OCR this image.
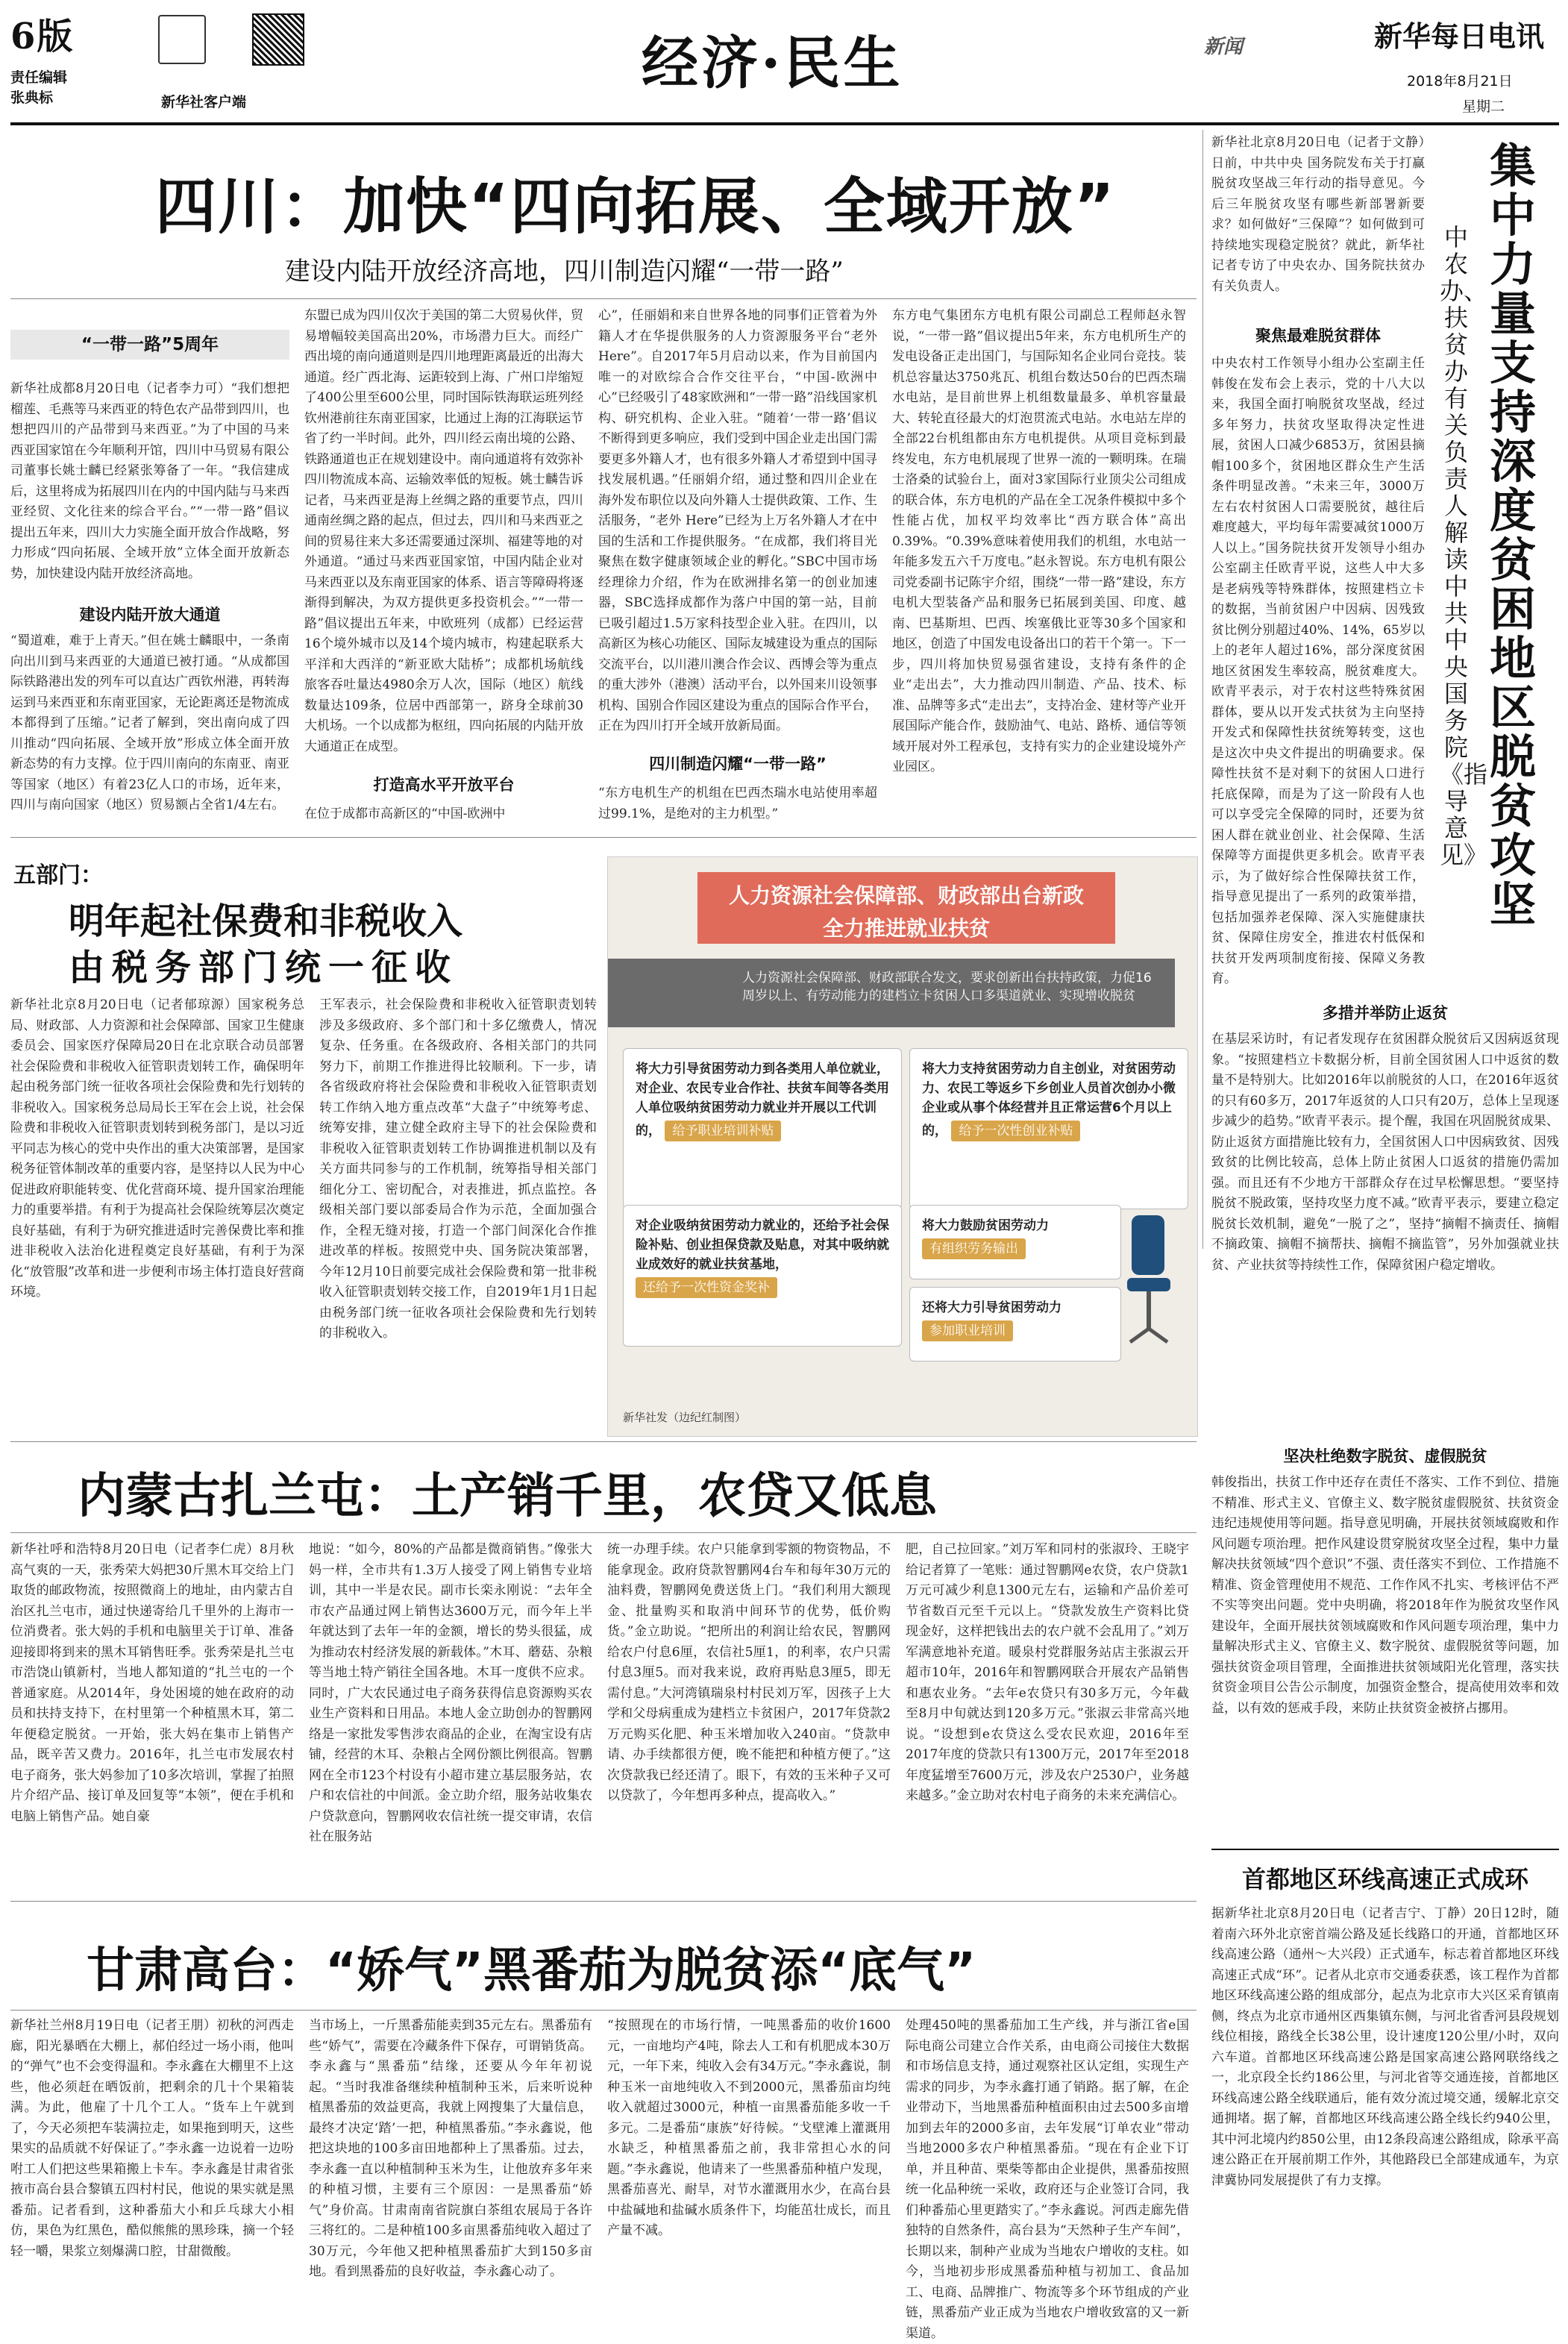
6版
责任编辑
张典标	新华社客户端
经济·民生	新闻	新华每日电讯
2018年8月21日
星期二
四川：加快“四向拓展、全域开放”
建设内陆开放经济高地，四川制造闪耀“一带一路”
“一带一路”5周年
新华社成都8月20日电（记者李力可）“我们想把榴莲、毛燕等马来西亚的特色农产品带到四川，也想把四川的产品带到马来西亚。”为了中国的马来西亚国家馆在今年顺利开馆，四川中马贸易有限公司董事长姚士麟已经紧张筹备了一年。“我信建成后，这里将成为拓展四川在内的中国内陆与马来西亚经贸、文化往来的综合平台。”“一带一路”倡议提出五年来，四川大力实施全面开放合作战略，努力形成“四向拓展、全域开放”立体全面开放新态势，加快建设内陆开放经济高地。
建设内陆开放大通道
“蜀道难，难于上青天。”但在姚士麟眼中，一条南向出川到马来西亚的大通道已被打通。“从成都国际铁路港出发的列车可以直达广西钦州港，再转海运到马来西亚和东南亚国家，无论距离还是物流成本都得到了压缩。”记者了解到，突出南向成了四川推动“四向拓展、全域开放”形成立体全面开放新态势的有力支撑。位于四川南向的东南亚、南亚等国家（地区）有着23亿人口的市场，近年来，四川与南向国家（地区）贸易额占全省1/4左右。
东盟已成为四川仅次于美国的第二大贸易伙伴，贸易增幅较美国高出20%，市场潜力巨大。而经广西出境的南向通道则是四川地理距离最近的出海大通道。经广西北海、运距较到上海、广州口岸缩短了400公里至600公里，同时国际铁海联运班列经钦州港前往东南亚国家，比通过上海的江海联运节省了约一半时间。此外，四川经云南出境的公路、铁路通道也正在规划建设中。南向通道将有效弥补四川物流成本高、运输效率低的短板。姚士麟告诉记者，马来西亚是海上丝绸之路的重要节点，四川通南丝绸之路的起点，但过去，四川和马来西亚之间的贸易往来大多还需要通过深圳、福建等地的对外通道。“通过马来西亚国家馆，中国内陆企业对马来西亚以及东南亚国家的体系、语言等障碍将逐渐得到解决，为双方提供更多投资机会。”“一带一路”倡议提出五年来，中欧班列（成都）已经运营16个境外城市以及14个境内城市，构建起联系大平洋和大西洋的“新亚欧大陆桥”；成都机场航线旅客吞吐量达4980余万人次，国际（地区）航线数量达109条，位居中西部第一，跻身全球前30大机场。一个以成都为枢纽，四向拓展的内陆开放大通道正在成型。
打造高水平开放平台
在位于成都市高新区的“中国-欧洲中
心”，任丽娟和来自世界各地的同事们正管着为外籍人才在华提供服务的人力资源服务平台“老外 Here”。自2017年5月启动以来，作为目前国内唯一的对欧综合合作交往平台，“中国-欧洲中心”已经吸引了48家欧洲和“一带一路”沿线国家机构、研究机构、企业入驻。“随着‘一带一路’倡议不断得到更多响应，我们受到中国企业走出国门需要更多外籍人才，也有很多外籍人才希望到中国寻找发展机遇。”任丽娟介绍，通过整和四川企业在海外发布职位以及向外籍人士提供政策、工作、生活服务，“老外 Here”已经为上万名外籍人才在中国的生活和工作提供服务。“在成都，我们将目光聚焦在数字健康领域企业的孵化。”SBC中国市场经理徐力介绍，作为在欧洲排名第一的创业加速器，SBC选择成都作为落户中国的第一站，目前已吸引超过1.5万家科技型企业入驻。在四川，以高新区为核心功能区、国际友城建设为重点的国际交流平台，以川港川澳合作会议、西博会等为重点的重大涉外（港澳）活动平台，以外国来川设领事机构、国别合作园区建设为重点的国际合作平台，正在为四川打开全域开放新局面。
四川制造闪耀“一带一路”
“东方电机生产的机组在巴西杰瑞水电站使用率超过99.1%，是绝对的主力机型。”
东方电气集团东方电机有限公司副总工程师赵永智说，“一带一路”倡议提出5年来，东方电机所生产的发电设备正走出国门，与国际知名企业同台竞技。装机总容量达3750兆瓦、机组台数达50台的巴西杰瑞水电站，是目前世界上机组数量最多、单机容量最大、转轮直径最大的灯泡贯流式电站。水电站左岸的全部22台机组都由东方电机提供。从项目竞标到最终发电，东方电机展现了世界一流的一颗明珠。在瑞士洛桑的试验台上，面对3家国际行业顶尖公司组成的联合体，东方电机的产品在全工况条件模拟中多个性能占优，加权平均效率比“西方联合体”高出0.39%。“0.39%意味着使用我们的机组，水电站一年能多发五六千万度电。”赵永智说。东方电机有限公司党委副书记陈宇介绍，围绕“一带一路”建设，东方电机大型装备产品和服务已拓展到美国、印度、越南、巴基斯坦、巴西、埃塞俄比亚等30多个国家和地区，创造了中国发电设备出口的若干个第一。下一步，四川将加快贸易强省建设，支持有条件的企业“走出去”，大力推动四川制造、产品、技术、标准、品牌等多式“走出去”，支持冶金、建材等产业开展国际产能合作，鼓励油气、电站、路桥、通信等领域开展对外工程承包，支持有实力的企业建设境外产业园区。
五部门：
明年起社保费和非税收入
由税务部门统一征收
新华社北京8月20日电（记者郁琼源）国家税务总局、财政部、人力资源和社会保障部、国家卫生健康委员会、国家医疗保障局20日在北京联合动员部署社会保险费和非税收入征管职责划转工作，确保明年起由税务部门统一征收各项社会保险费和先行划转的非税收入。国家税务总局局长王军在会上说，社会保险费和非税收入征管职责划转到税务部门，是以习近平同志为核心的党中央作出的重大决策部署，是国家税务征管体制改革的重要内容，是坚持以人民为中心促进政府职能转变、优化营商环境、提升国家治理能力的重要举措。有利于为提高社会保险统筹层次奠定良好基础，有利于为研究推进适时完善保费比率和推进非税收入法治化进程奠定良好基础，有利于为深化“放管服”改革和进一步便利市场主体打造良好营商环境。
王军表示，社会保险费和非税收入征管职责划转涉及多级政府、多个部门和十多亿缴费人，情况复杂、任务重。在各级政府、各相关部门的共同努力下，前期工作推进得比较顺利。下一步，请各省级政府将社会保险费和非税收入征管职责划转工作纳入地方重点改革“大盘子”中统筹考虑、统筹安排，建立健全政府主导下的社会保险费和非税收入征管职责划转工作协调推进机制以及有关方面共同参与的工作机制，统筹指导相关部门细化分工、密切配合，对表推进，抓点监控。各级相关部门要以部委局合作为示范，全面加强合作，全程无缝对接，打造一个部门间深化合作推进改革的样板。按照党中央、国务院决策部署，今年12月10日前要完成社会保险费和第一批非税收入征管职责划转交接工作，自2019年1月1日起由税务部门统一征收各项社会保险费和先行划转的非税收入。
人力资源社会保障部、财政部出台新政
全力推进就业扶贫
人力资源社会保障部、财政部联合发文，要求创新出台扶持政策，力促16周岁以上、有劳动能力的建档立卡贫困人口多渠道就业、实现增收脱贫
将大力引导贫困劳动力到各类用人单位就业，对企业、农民专业合作社、扶贫车间等各类用人单位吸纳贫困劳动力就业并开展以工代训的， 给予职业培训补贴
将大力支持贫困劳动力自主创业，对贫困劳动力、农民工等返乡下乡创业人员首次创办小微企业或从事个体经营并且正常运营6个月以上的， 给予一次性创业补贴
对企业吸纳贫困劳动力就业的，还给予社会保险补贴、创业担保贷款及贴息，对其中吸纳就业成效好的就业扶贫基地， 还给予一次性资金奖补
将大力鼓励贫困劳动力
有组织劳务输出
还将大力引导贫困劳动力
参加职业培训
新华社发（边纪红制图）
内蒙古扎兰屯：土产销千里，农贷又低息
新华社呼和浩特8月20日电（记者李仁虎）8月秋高气爽的一天，张秀荣大妈把30斤黑木耳交给上门取货的邮政物流，按照微商上的地址，由内蒙古自治区扎兰屯市，通过快递寄给几千里外的上海市一位消费者。张大妈的手机和电脑里关于订单、准备迎接即将到来的黑木耳销售旺季。张秀荣是扎兰屯市浩饶山镇新村，当地人都知道的“扎兰屯的一个普通家庭。从2014年，身处困境的她在政府的动员和扶持支持下，在村里第一个种植黑木耳，第二年便稳定脱贫。一开始，张大妈在集市上销售产品，既辛苦又费力。2016年，扎兰屯市发展农村电子商务，张大妈参加了10多次培训，掌握了拍照片介绍产品、接订单及回复等“本领”，便在手机和电脑上销售产品。她自豪
地说：“如今，80%的产品都是微商销售。”像张大妈一样，全市共有1.3万人接受了网上销售专业培训，其中一半是农民。副市长栾永刚说：“去年全市农产品通过网上销售达3600万元，而今年上半年就达到了去年一年的金额，增长的势头很猛，成为推动农村经济发展的新载体。”木耳、蘑菇、杂粮等当地土特产销往全国各地。木耳一度供不应求。同时，广大农民通过电子商务获得信息资源购买农业生产资料和日用品。本地人金立助创办的智鹏网络是一家批发零售涉农商品的企业，在淘宝设有店铺，经营的木耳、杂粮占全网份额比例很高。智鹏网在全市123个村设有小超市建立基层服务站，农户和农信社的中间派。金立助介绍，服务站收集农户贷款意向，智鹏网收农信社统一提交审请，农信社在服务站
统一办理手续。农户只能拿到零额的物资物品，不能拿现金。政府贷款智鹏网4台车和每年30万元的油料费，智鹏网免费送货上门。“我们利用大额现金、批量购买和取消中间环节的优势，低价购货。”金立助说。“把所出的利润让给农民，智鹏网给农户付息6厘，农信社5厘1，的利率，农户只需付息3厘5。而对我来说，政府再贴息3厘5，即无需付息。”大河湾镇瑞泉村村民刘万军，因孩子上大学和父母病重成为建档立卡贫困户，2017年贷款2万元购买化肥、种玉米增加收入240亩。“贷款申请、办手续都很方便，晚不能把和种植方便了。”这次贷款我已经还清了。眼下，有效的玉米种子又可以贷款了，今年想再多种点，提高收入。”
肥，自己拉回家。”刘万军和同村的张淑玲、王晓宇给记者算了一笔账：通过智鹏网e农贷，农户贷款1万元可减少利息1300元左右，运输和产品价差可节省数百元至千元以上。“贷款发放生产资料比贷现金好，这样把钱出去的农户就不会乱用了。”刘万军满意地补充道。暖泉村党群服务站店主张淑云开超市10年，2016年和智鹏网联合开展农产品销售和惠农业务。“去年e农贷只有30多万元，今年截至8月中旬就达到120多万元。”张淑云非常高兴地说。“设想到e农贷这么受农民欢迎，2016年至2017年度的贷款只有1300万元，2017年至2018年度猛增至7600万元，涉及农户2530户，业务越来越多。”金立助对农村电子商务的未来充满信心。
甘肃高台：“娇气”黑番茄为脱贫添“底气”
新华社兰州8月19日电（记者王朋）初秋的河西走廊，阳光暴晒在大棚上，郝伯经过一场小雨，他叫的“弹气”也不会变得温和。李永鑫在大棚里不上这些，他必须赶在晒饭前，把剩余的几十个果箱装满。为此，他雇了十几个工人。“货车上午就到了，今天必须把车装满拉走，如果拖到明天，这些果实的品质就不好保证了。”李永鑫一边说着一边吩咐工人们把这些果箱搬上卡车。李永鑫是甘肃省张掖市高台县合黎镇五四村村民，他说的果实就是黑番茄。记者看到，这种番茄大小和乒乓球大小相仿，果色为红黑色，酷似熊熊的黑珍珠，摘一个轻轻一嚼，果浆立刻爆满口腔，甘甜微酸。
当市场上，一斤黑番茄能卖到35元左右。黑番茄有些“娇气”，需要在冷藏条件下保存，可谓销货高。李永鑫与“黑番茄”结缘，还要从今年年初说起。“当时我准备继续种植制种玉米，后来听说种植黑番茄的效益更高，我就上网搜集了大量信息，最终才决定‘踏’一把，种植黑番茄。”李永鑫说，他把这块地的100多亩田地都种上了黑番茄。过去，李永鑫一直以种植制种玉米为生，让他放弃多年来的种植习惯，主要有三个原因：一是黑番茄“娇气”身价高。甘肃南南省院旗白茶组农展局于各许三将红的。二是种植100多亩黑番茄纯收入超过了30万元，今年他又把种植黑番茄扩大到150多亩地。看到黑番茄的良好收益，李永鑫心动了。
“按照现在的市场行情，一吨黑番茄的收价1600元，一亩地均产4吨，除去人工和有机肥成本30万元，一年下来，纯收入会有34万元。”李永鑫说，制种玉米一亩地纯收入不到2000元，黑番茄亩均纯收入就超过3000元，种植一亩黑番茄能多收一千多元。二是番茄“康族”好待候。“戈壁滩上灌溉用水缺乏，种植黑番茄之前，我非常担心水的问题。”李永鑫说，他请来了一些黑番茄种植户发现，黑番茄喜光、耐旱，对节水灌溉用水少，在高台县中盐碱地和盐碱水质条件下，均能茁壮成长，而且产量不减。
处理450吨的黑番茄加工生产线，并与浙江省e国际电商公司建立合作关系，由电商公司接住大数据和市场信息支持，通过观察社区认定组，实现生产需求的同步，为李永鑫打通了销路。据了解，在企业带动下，当地黑番茄种植面积由过去500多亩增加到去年的2000多亩，去年发展“订单农业”带动当地2000多农户种植黑番茄。“现在有企业下订单，并且种苗、栗柴等都由企业提供，黑番茄按照统一化品种统一采收，政府还与企业签订合同，我们种番茄心里更踏实了。”李永鑫说。河西走廊先借独特的自然条件，高台县为“天然种子生产车间”，长期以来，制种产业成为当地农户增收的支柱。如今，当地初步形成黑番茄种植与初加工、食品加工、电商、品牌推广、物流等多个环节组成的产业链，黑番茄产业正成为当地农户增收致富的又一新渠道。
新华社北京8月20日电（记者于文静）日前，中共中央 国务院发布关于打赢脱贫攻坚战三年行动的指导意见。今后三年脱贫攻坚有哪些新部署新要求？如何做好“三保障”？如何做到可持续地实现稳定脱贫？就此，新华社记者专访了中央农办、国务院扶贫办有关负责人。
集中力量支持深度贫困地区脱贫攻坚
中农办、扶贫办有关负责人解读中共中央国务院《指导意见》
聚焦最难脱贫群体
中央农村工作领导小组办公室副主任韩俊在发布会上表示，党的十八大以来，我国全面打响脱贫攻坚战，经过多年努力，扶贫攻坚取得决定性进展，贫困人口减少6853万，贫困县摘帽100多个，贫困地区群众生产生活条件明显改善。“未来三年，3000万左右农村贫困人口需要脱贫，越往后难度越大，平均每年需要减贫1000万人以上。”国务院扶贫开发领导小组办公室副主任欧青平说，这些人中大多是老病残等特殊群体，按照建档立卡的数据，当前贫困户中因病、因残致贫比例分别超过40%、14%，65岁以上的老年人超过16%，部分深度贫困地区贫困发生率较高，脱贫难度大。欧青平表示，对于农村这些特殊贫困群体，要从以开发式扶贫为主向坚持开发式和保障性扶贫统筹转变，这也是这次中央文件提出的明确要求。保障性扶贫不是对剩下的贫困人口进行托底保障，而是为了这一阶段有人也可以享受完全保障的同时，还要为贫困人群在就业创业、社会保障、生活保障等方面提供更多机会。欧青平表示，为了做好综合性保障扶贫工作，指导意见提出了一系列的政策举措，包括加强养老保障、深入实施健康扶贫、保障住房安全，推进农村低保和扶贫开发两项制度衔接、保障义务教育。
多措并举防止返贫
在基层采访时，有记者发现存在贫困群众脱贫后又因病返贫现象。“按照建档立卡数据分析，目前全国贫困人口中返贫的数量不是特别大。比如2016年以前脱贫的人口，在2016年返贫的只有60多万，2017年返贫的人口只有20万，总体上呈现逐步减少的趋势。”欧青平表示。提个醒，我国在巩固脱贫成果、防止返贫方面措施比较有力，全国贫困人口中因病致贫、因残致贫的比例比较高，总体上防止贫困人口返贫的措施仍需加强。而且还有不少地方干部群众存在过早松懈思想。“要坚持脱贫不脱政策，坚持攻坚力度不减。”欧青平表示，要建立稳定脱贫长效机制，避免“一脱了之”，坚持“摘帽不摘责任、摘帽不摘政策、摘帽不摘帮扶、摘帽不摘监管”，另外加强就业扶贫、产业扶贫等持续性工作，保障贫困户稳定增收。
坚决杜绝数字脱贫、虚假脱贫
韩俊指出，扶贫工作中还存在责任不落实、工作不到位、措施不精准、形式主义、官僚主义、数字脱贫虚假脱贫、扶贫资金违纪违规使用等问题。指导意见明确，开展扶贫领域腐败和作风问题专项治理。把作风建设贯穿脱贫攻坚全过程，集中力量解决扶贫领域“四个意识”不强、责任落实不到位、工作措施不精准、资金管理使用不规范、工作作风不扎实、考核评估不严不实等突出问题。党中央明确，将2018年作为脱贫攻坚作风建设年，全面开展扶贫领域腐败和作风问题专项治理，集中力量解决形式主义、官僚主义、数字脱贫、虚假脱贫等问题，加强扶贫资金项目管理，全面推进扶贫领域阳光化管理，落实扶贫资金项目公告公示制度，加强资金整合，提高使用效率和效益，以有效的惩戒手段，来防止扶贫资金被挤占挪用。
首都地区环线高速正式成环
据新华社北京8月20日电（记者吉宁、丁静）20日12时，随着南六环外北京密首端公路及延长线路口的开通，首都地区环线高速公路（通州～大兴段）正式通车，标志着首都地区环线高速正式成“环”。记者从北京市交通委获悉，该工程作为首都地区环线高速公路的组成部分，起点为北京市大兴区采育镇南侧，终点为北京市通州区西集镇东侧，与河北省香河县段规划线位相接，路线全长38公里，设计速度120公里/小时，双向六车道。首都地区环线高速公路是国家高速公路网联络线之一，北京段全长约186公里，与河北省等交通连接，首都地区环线高速公路全线联通后，能有效分流过境交通，缓解北京交通拥堵。据了解，首都地区环线高速公路全线长约940公里，其中河北境内约850公里，由12条段高速公路组成，除承平高速公路正在开展前期工作外，其他路段已全部建成通车，为京津冀协同发展提供了有力支撑。
